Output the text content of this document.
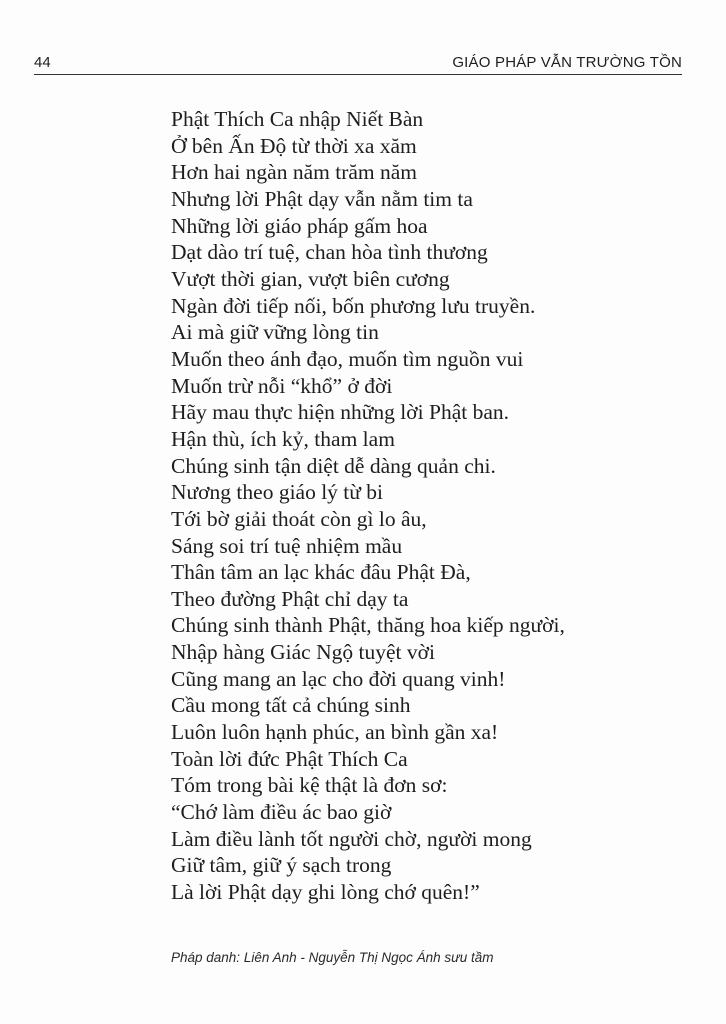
44	GIÁO PHÁP VẪN TRƯỜNG TỒN
Phật Thích Ca nhập Niết Bàn
Ở bên Ấn Độ từ thời xa xăm
Hơn hai ngàn năm trăm năm
Nhưng lời Phật dạy vẫn nằm tim ta
Những lời giáo pháp gấm hoa
Dạt dào trí tuệ, chan hòa tình thương
Vượt thời gian, vượt biên cương
Ngàn đời tiếp nối, bốn phương lưu truyền.
Ai mà giữ vững lòng tin
Muốn theo ánh đạo, muốn tìm nguồn vui
Muốn trừ nỗi “khổ” ở đời
Hãy mau thực hiện những lời Phật ban.
Hận thù, ích kỷ, tham lam
Chúng sinh tận diệt dễ dàng quản chi.
Nương theo giáo lý từ bi
Tới bờ giải thoát còn gì lo âu,
Sáng soi trí tuệ nhiệm mầu
Thân tâm an lạc khác đâu Phật Đà,
Theo đường Phật chỉ dạy ta
Chúng sinh thành Phật, thăng hoa kiếp người,
Nhập hàng Giác Ngộ tuyệt vời
Cũng mang an lạc cho đời quang vinh!
Cầu mong tất cả chúng sinh
Luôn luôn hạnh phúc, an bình gần xa!
Toàn lời đức Phật Thích Ca
Tóm trong bài kệ thật là đơn sơ:
“Chớ làm điều ác bao giờ
Làm điều lành tốt người chờ, người mong
Giữ tâm, giữ ý sạch trong
Là lời Phật dạy ghi lòng chớ quên!”
Pháp danh: Liên Anh - Nguyễn Thị Ngọc Ánh sưu tầm
